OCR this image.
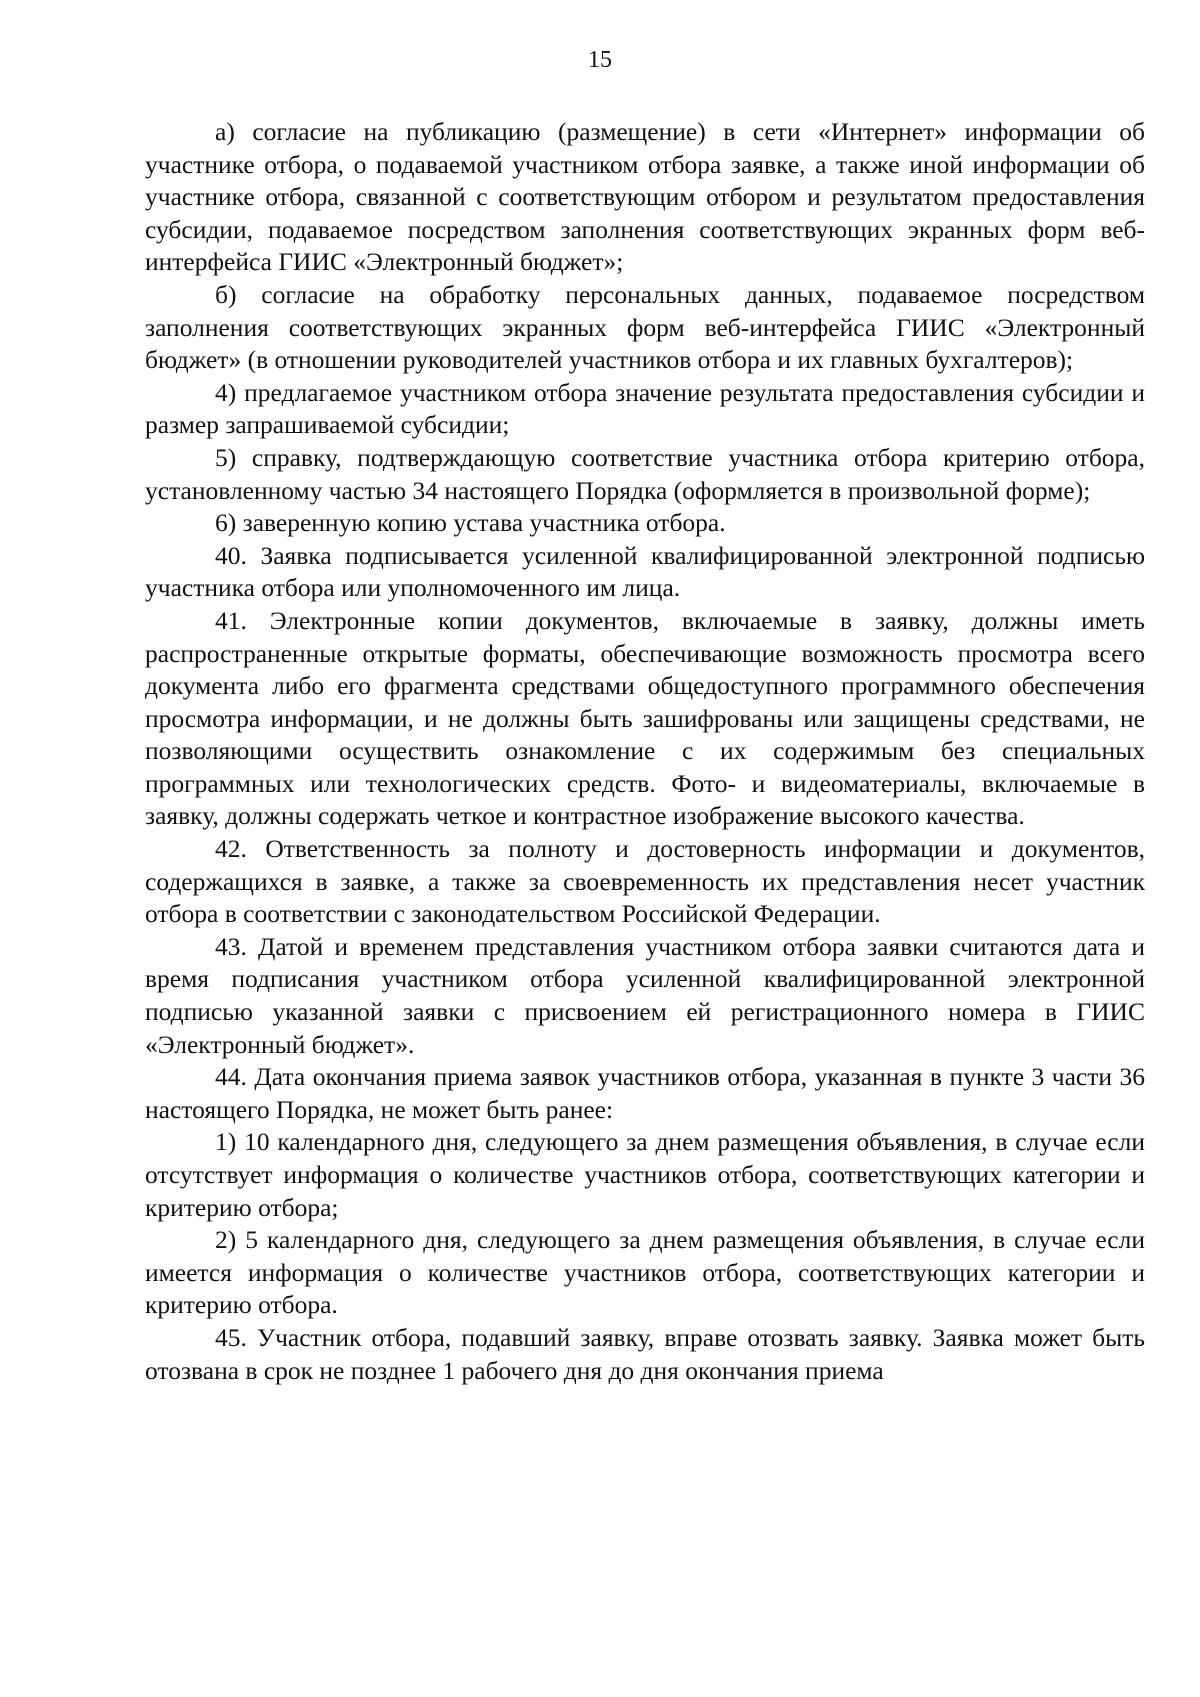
15

а) согласие на публикацию (размещение) в сети «Интернет» информации об участнике отбора, о подаваемой участником отбора заявке, а также иной информации об участнике отбора, связанной с соответствующим отбором и результатом предоставления субсидии, подаваемое посредством заполнения соответствующих экранных форм веб-интерфейса ГИИС «Электронный бюджет»;

б) согласие на обработку персональных данных, подаваемое посредством заполнения соответствующих экранных форм веб-интерфейса ГИИС «Электронный бюджет» (в отношении руководителей участников отбора и их главных бухгалтеров);

4) предлагаемое участником отбора значение результата предоставления субсидии и размер запрашиваемой субсидии;

5) справку, подтверждающую соответствие участника отбора критерию отбора, установленному частью 34 настоящего Порядка (оформляется в произвольной форме);

6) заверенную копию устава участника отбора.

40. Заявка подписывается усиленной квалифицированной электронной подписью участника отбора или уполномоченного им лица.

41. Электронные копии документов, включаемые в заявку, должны иметь распространенные открытые форматы, обеспечивающие возможность просмотра всего документа либо его фрагмента средствами общедоступного программного обеспечения просмотра информации, и не должны быть зашифрованы или защищены средствами, не позволяющими осуществить ознакомление с их содержимым без специальных программных или технологических средств. Фото- и видеоматериалы, включаемые в заявку, должны содержать четкое и контрастное изображение высокого качества.

42. Ответственность за полноту и достоверность информации и документов, содержащихся в заявке, а также за своевременность их представления несет участник отбора в соответствии с законодательством Российской Федерации.

43. Датой и временем представления участником отбора заявки считаются дата и время подписания участником отбора усиленной квалифицированной электронной подписью указанной заявки с присвоением ей регистрационного номера в ГИИС «Электронный бюджет».

44. Дата окончания приема заявок участников отбора, указанная в пункте 3 части 36 настоящего Порядка, не может быть ранее:

1) 10 календарного дня, следующего за днем размещения объявления, в случае если отсутствует информация о количестве участников отбора, соответствующих категории и критерию отбора;

2) 5 календарного дня, следующего за днем размещения объявления, в случае если имеется информация о количестве участников отбора, соответствующих категории и критерию отбора.

45. Участник отбора, подавший заявку, вправе отозвать заявку. Заявка может быть отозвана в срок не позднее 1 рабочего дня до дня окончания приема
